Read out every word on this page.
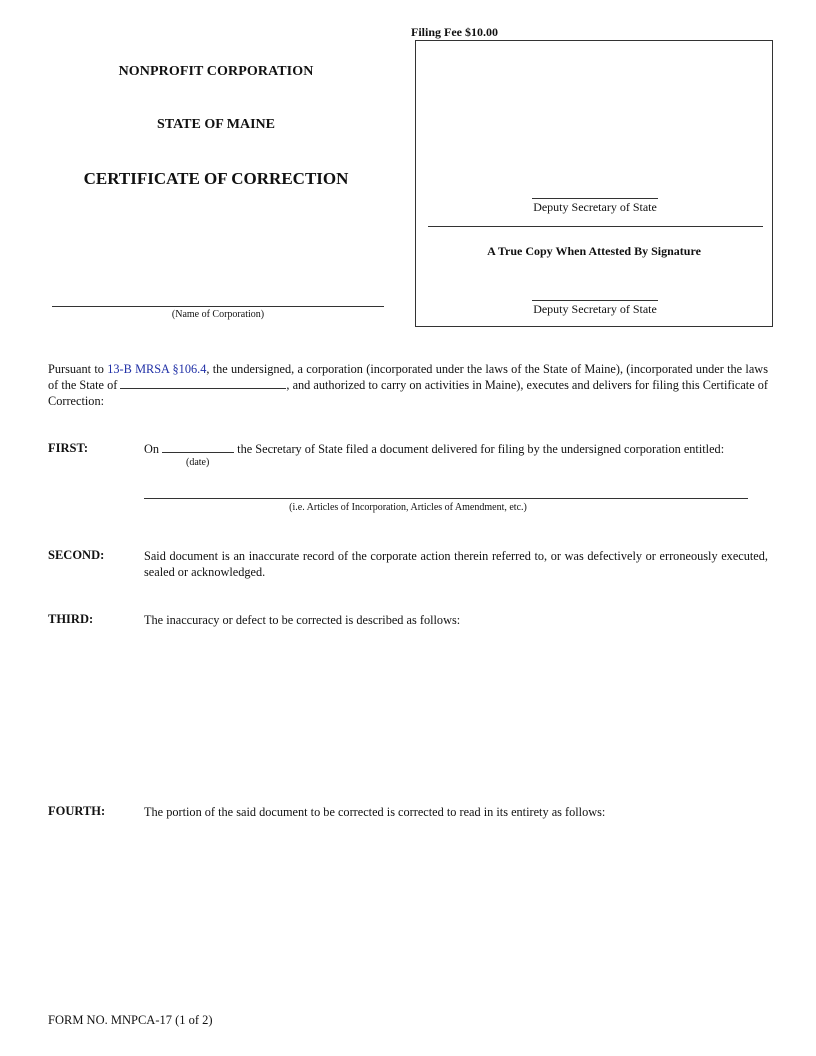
NONPROFIT CORPORATION
STATE OF MAINE
CERTIFICATE OF CORRECTION
(Name of Corporation)
Filing Fee $10.00
Deputy Secretary of State
A True Copy When Attested By Signature
Deputy Secretary of State
Pursuant to 13-B MRSA §106.4, the undersigned, a corporation (incorporated under the laws of the State of Maine), (incorporated under the laws of the State of	, and authorized to carry on activities in Maine), executes and delivers for filing this Certificate of Correction:
FIRST:	On	the Secretary of State filed a document delivered for filing by the undersigned corporation entitled:
(date)
(i.e. Articles of Incorporation, Articles of Amendment, etc.)
SECOND:	Said document is an inaccurate record of the corporate action therein referred to, or was defectively or erroneously executed, sealed or acknowledged.
THIRD:	The inaccuracy or defect to be corrected is described as follows:
FOURTH:	The portion of the said document to be corrected is corrected to read in its entirety as follows:
FORM NO. MNPCA-17 (1 of 2)
